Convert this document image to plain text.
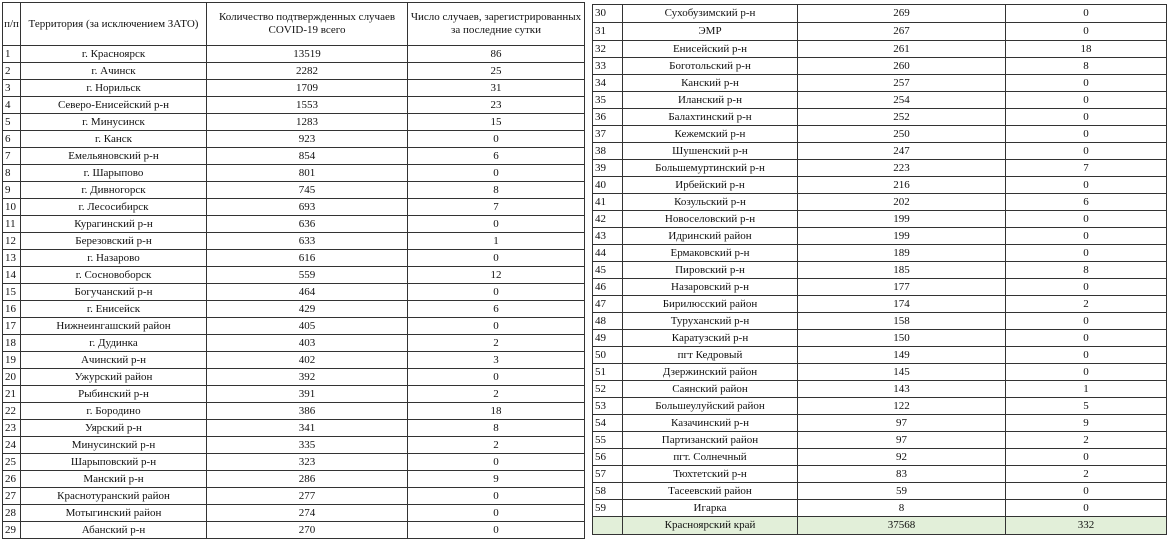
п/п	Территория (за исключением ЗАТО)	Количество подтвержденных случаев COVID-19 всего	Число случаев, зарегистрированных за последние сутки
1	г. Красноярск	13519	86
2	г. Ачинск	2282	25
3	г. Норильск	1709	31
4	Северо-Енисейский р-н	1553	23
5	г. Минусинск	1283	15
6	г. Канск	923	0
7	Емельяновский р-н	854	6
8	г. Шарыпово	801	0
9	г. Дивногорск	745	8
10	г. Лесосибирск	693	7
11	Курагинский р-н	636	0
12	Березовский р-н	633	1
13	г. Назарово	616	0
14	г. Сосновоборск	559	12
15	Богучанский р-н	464	0
16	г. Енисейск	429	6
17	Нижнеингашский район	405	0
18	г. Дудинка	403	2
19	Ачинский р-н	402	3
20	Ужурский район	392	0
21	Рыбинский р-н	391	2
22	г. Бородино	386	18
23	Уярский р-н	341	8
24	Минусинский р-н	335	2
25	Шарыповский р-н	323	0
26	Манский р-н	286	9
27	Краснотуранский район	277	0
28	Мотыгинский район	274	0
29	Абанский р-н	270	0
30	Сухобузимский р-н	269	0
31	ЭМР	267	0
32	Енисейский р-н	261	18
33	Боготольский р-н	260	8
34	Канский р-н	257	0
35	Иланский р-н	254	0
36	Балахтинский р-н	252	0
37	Кежемский р-н	250	0
38	Шушенский р-н	247	0
39	Большемуртинский р-н	223	7
40	Ирбейский р-н	216	0
41	Козульский р-н	202	6
42	Новоселовский р-н	199	0
43	Идринский район	199	0
44	Ермаковский р-н	189	0
45	Пировский р-н	185	8
46	Назаровский р-н	177	0
47	Бирилюсский район	174	2
48	Туруханский р-н	158	0
49	Каратузский р-н	150	0
50	пгт Кедровый	149	0
51	Дзержинский район	145	0
52	Саянский район	143	1
53	Большеулуйский район	122	5
54	Казачинский р-н	97	9
55	Партизанский район	97	2
56	пгт. Солнечный	92	0
57	Тюхтетский р-н	83	2
58	Тасеевский район	59	0
59	Игарка	8	0
	Красноярский край	37568	332
